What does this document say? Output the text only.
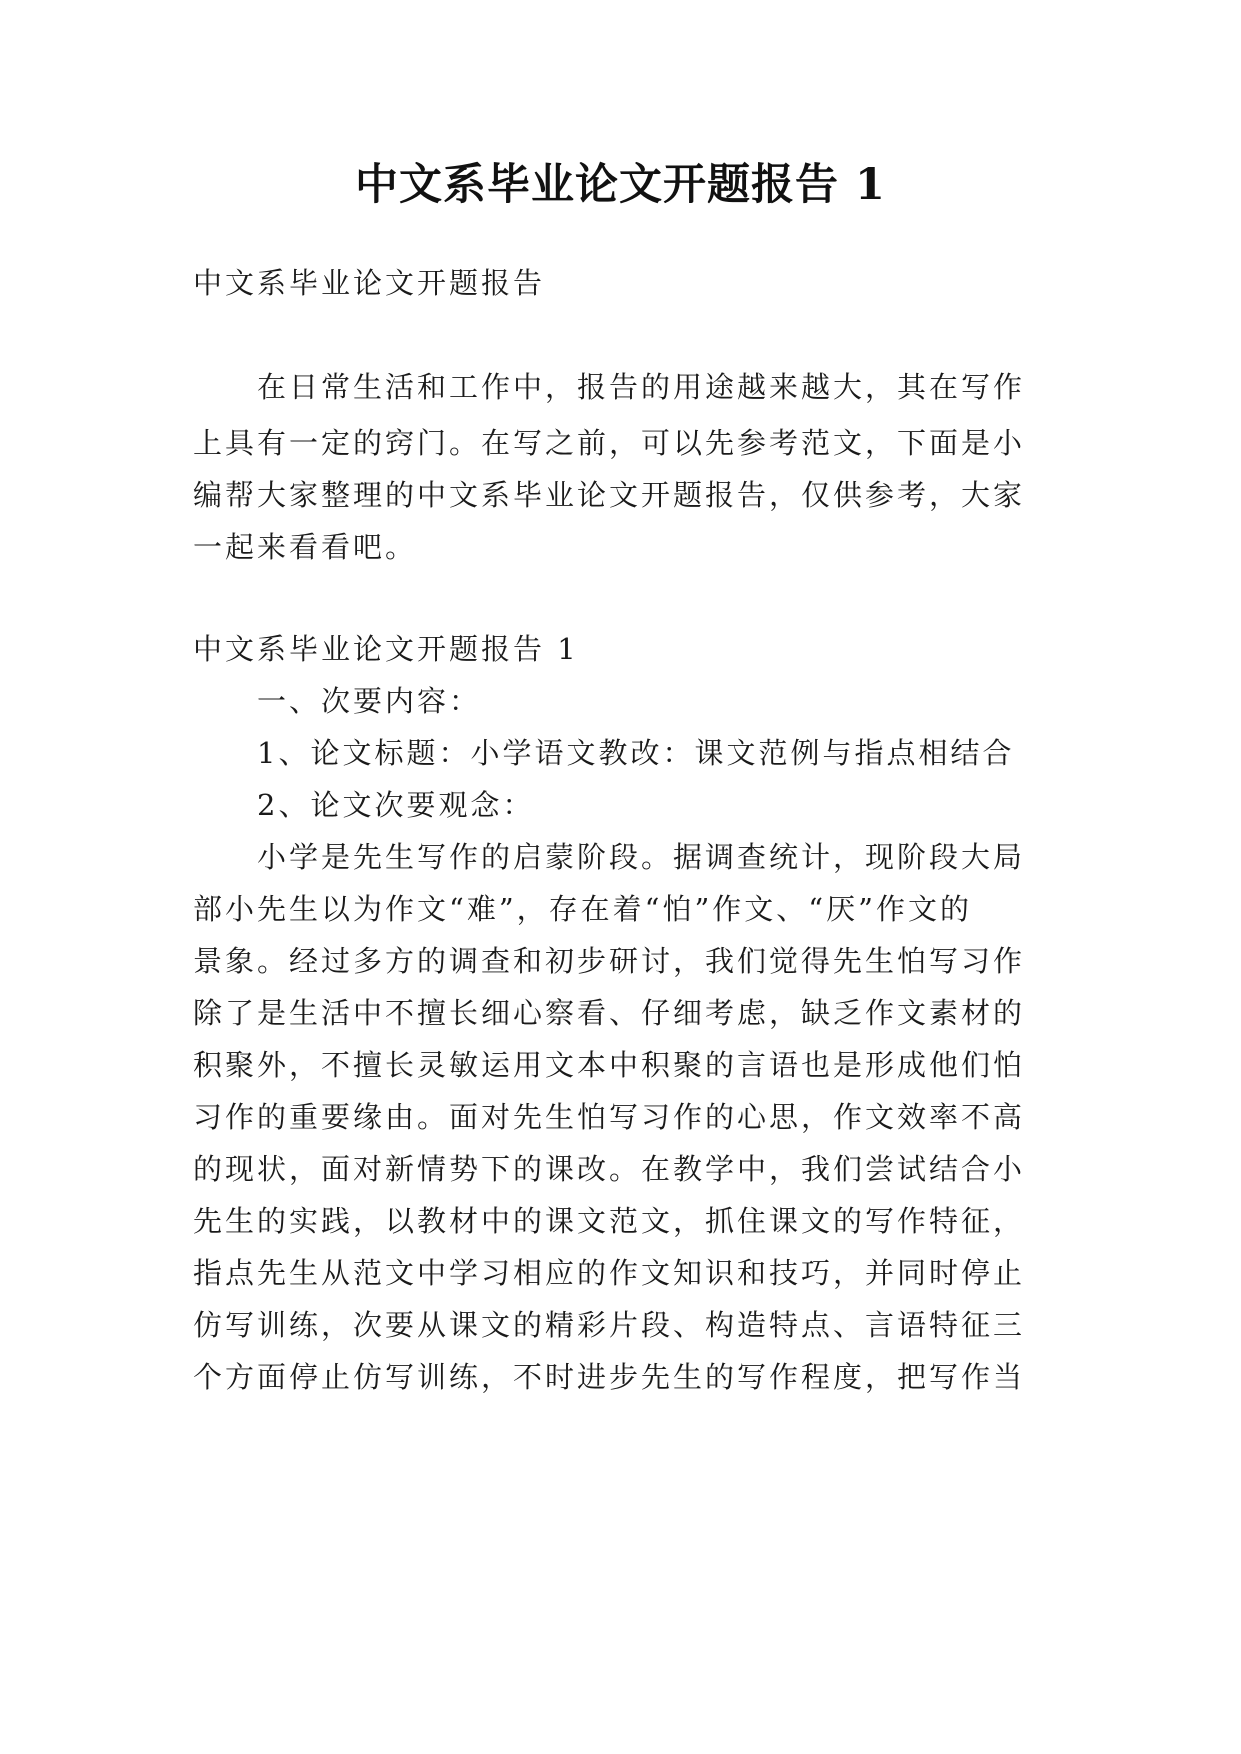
中文系毕业论文开题报告 1
中文系毕业论文开题报告
在日常生活和工作中，报告的用途越来越大，其在写作
上具有一定的窍门。在写之前，可以先参考范文，下面是小
编帮大家整理的中文系毕业论文开题报告，仅供参考，大家
一起来看看吧。
中文系毕业论文开题报告 1
一、次要内容：
1、论文标题：小学语文教改：课文范例与指点相结合
2、论文次要观念：
小学是先生写作的启蒙阶段。据调查统计，现阶段大局
部小先生以为作文“难”，存在着“怕”作文、“厌”作文的
景象。经过多方的调查和初步研讨，我们觉得先生怕写习作
除了是生活中不擅长细心察看、仔细考虑，缺乏作文素材的
积聚外，不擅长灵敏运用文本中积聚的言语也是形成他们怕
习作的重要缘由。面对先生怕写习作的心思，作文效率不高
的现状，面对新情势下的课改。在教学中，我们尝试结合小
先生的实践，以教材中的课文范文，抓住课文的写作特征，
指点先生从范文中学习相应的作文知识和技巧，并同时停止
仿写训练，次要从课文的精彩片段、构造特点、言语特征三
个方面停止仿写训练，不时进步先生的写作程度，把写作当
